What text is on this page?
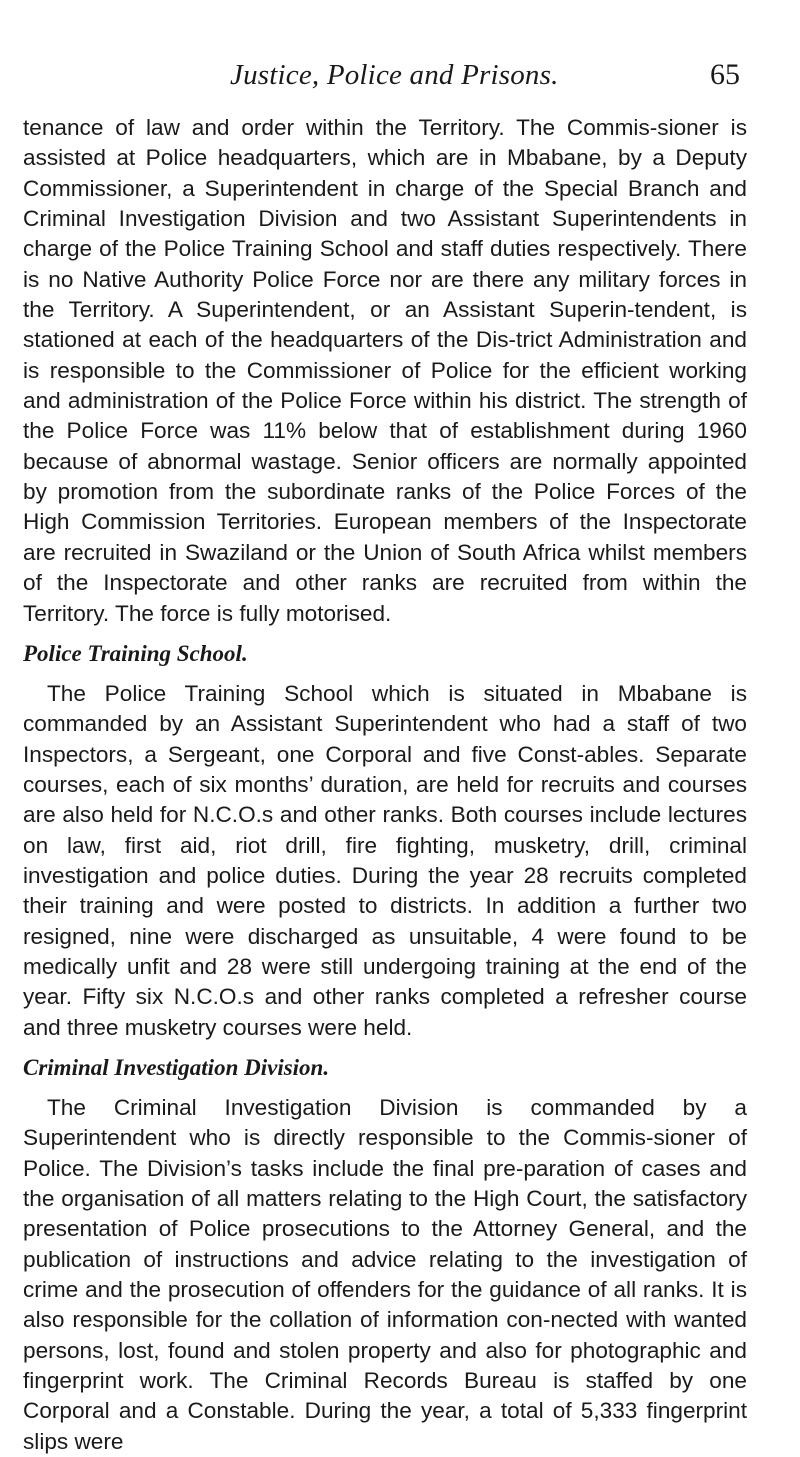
Justice, Police and Prisons.	65

tenance of law and order within the Territory. The Commis-sioner is assisted at Police headquarters, which are in Mbabane, by a Deputy Commissioner, a Superintendent in charge of the Special Branch and Criminal Investigation Division and two Assistant Superintendents in charge of the Police Training School and staff duties respectively. There is no Native Authority Police Force nor are there any military forces in the Territory. A Superintendent, or an Assistant Superin-tendent, is stationed at each of the headquarters of the Dis-trict Administration and is responsible to the Commissioner of Police for the efficient working and administration of the Police Force within his district. The strength of the Police Force was 11% below that of establishment during 1960 because of abnormal wastage. Senior officers are normally appointed by promotion from the subordinate ranks of the Police Forces of the High Commission Territories. European members of the Inspectorate are recruited in Swaziland or the Union of South Africa whilst members of the Inspectorate and other ranks are recruited from within the Territory. The force is fully motorised.

Police Training School.

The Police Training School which is situated in Mbabane is commanded by an Assistant Superintendent who had a staff of two Inspectors, a Sergeant, one Corporal and five Const-ables. Separate courses, each of six months’ duration, are held for recruits and courses are also held for N.C.O.s and other ranks. Both courses include lectures on law, first aid, riot drill, fire fighting, musketry, drill, criminal investigation and police duties. During the year 28 recruits completed their training and were posted to districts. In addition a further two resigned, nine were discharged as unsuitable, 4 were found to be medically unfit and 28 were still undergoing training at the end of the year. Fifty six N.C.O.s and other ranks completed a refresher course and three musketry courses were held.

Criminal Investigation Division.

The Criminal Investigation Division is commanded by a Superintendent who is directly responsible to the Commis-sioner of Police. The Division’s tasks include the final pre-paration of cases and the organisation of all matters relating to the High Court, the satisfactory presentation of Police prosecutions to the Attorney General, and the publication of instructions and advice relating to the investigation of crime and the prosecution of offenders for the guidance of all ranks. It is also responsible for the collation of information con-nected with wanted persons, lost, found and stolen property and also for photographic and fingerprint work. The Criminal Records Bureau is staffed by one Corporal and a Constable. During the year, a total of 5,333 fingerprint slips were
